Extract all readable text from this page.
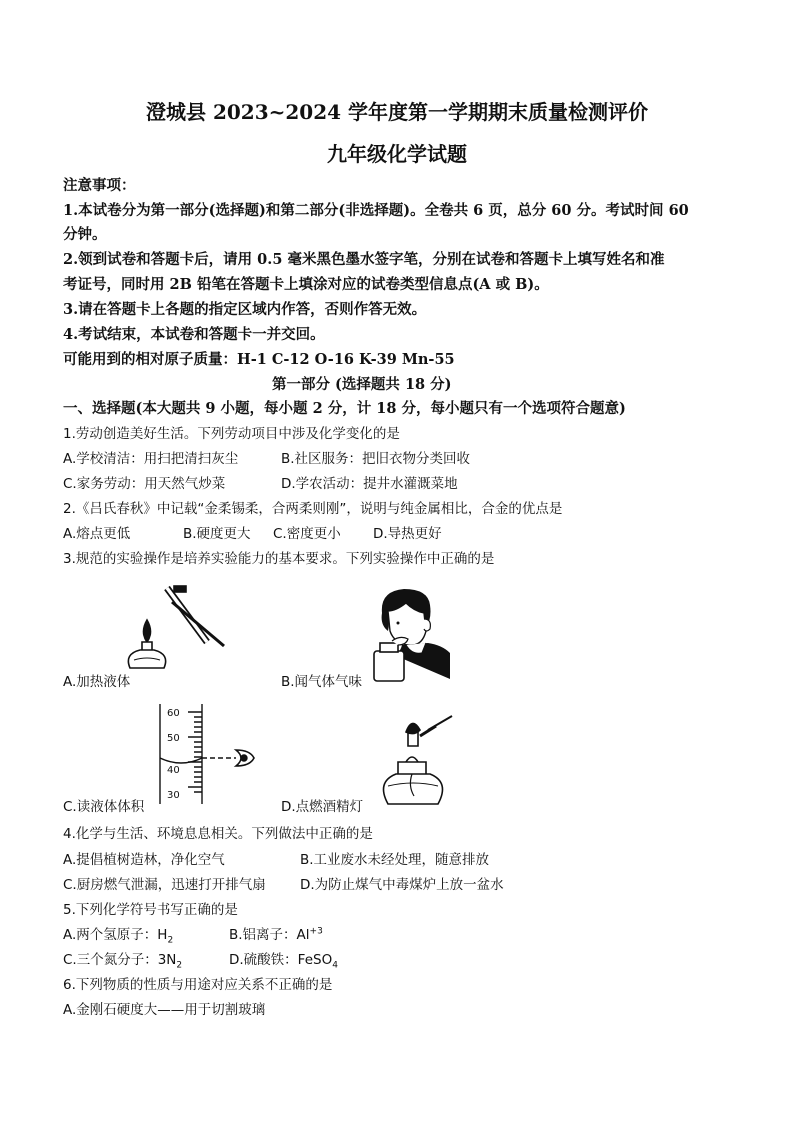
澄城县 2023~2024 学年度第一学期期末质量检测评价
九年级化学试题
注意事项：
1.本试卷分为第一部分(选择题)和第二部分(非选择题)。全卷共 6 页，总分 60 分。考试时间 60
分钟。
2.领到试卷和答题卡后，请用 0.5 毫米黑色墨水签字笔，分别在试卷和答题卡上填写姓名和准
考证号，同时用 2B 铅笔在答题卡上填涂对应的试卷类型信息点(A 或 B)。
3.请在答题卡上各题的指定区域内作答，否则作答无效。
4.考试结束，本试卷和答题卡一并交回。
可能用到的相对原子质量：H-1 C-12 O-16 K-39 Mn-55
第一部分 (选择题共 18 分)
一、选择题(本大题共 9 小题，每小题 2 分，计 18 分，每小题只有一个选项符合题意)
1.劳动创造美好生活。下列劳动项目中涉及化学变化的是
A.学校清洁：用扫把清扫灰尘	B.社区服务：把旧衣物分类回收
C.家务劳动：用天然气炒菜	D.学农活动：提井水灌溉菜地
2.《吕氏春秋》中记载“金柔锡柔，合两柔则刚”，说明与纯金属相比，合金的优点是
A.熔点更低	B.硬度更大 C.密度更小 D.导热更好
3.规范的实验操作是培养实验能力的基本要求。下列实验操作中正确的是
A.加热液体	B.闻气体气味
60
50
40
30
C.读液体体积	D.点燃酒精灯
4.化学与生活、环境息息相关。下列做法中正确的是
A.提倡植树造林，净化空气	B.工业废水未经处理，随意排放
C.厨房燃气泄漏，迅速打开排气扇	D.为防止煤气中毒煤炉上放一盆水
5.下列化学符号书写正确的是
A.两个氢原子：$H_2$	B.铝离子：$Al^{+3}$
C.三个氮分子：$3N_2$	D.硫酸铁：FeSO$_4$
6.下列物质的性质与用途对应关系不正确的是
A.金刚石硬度大——用于切割玻璃
